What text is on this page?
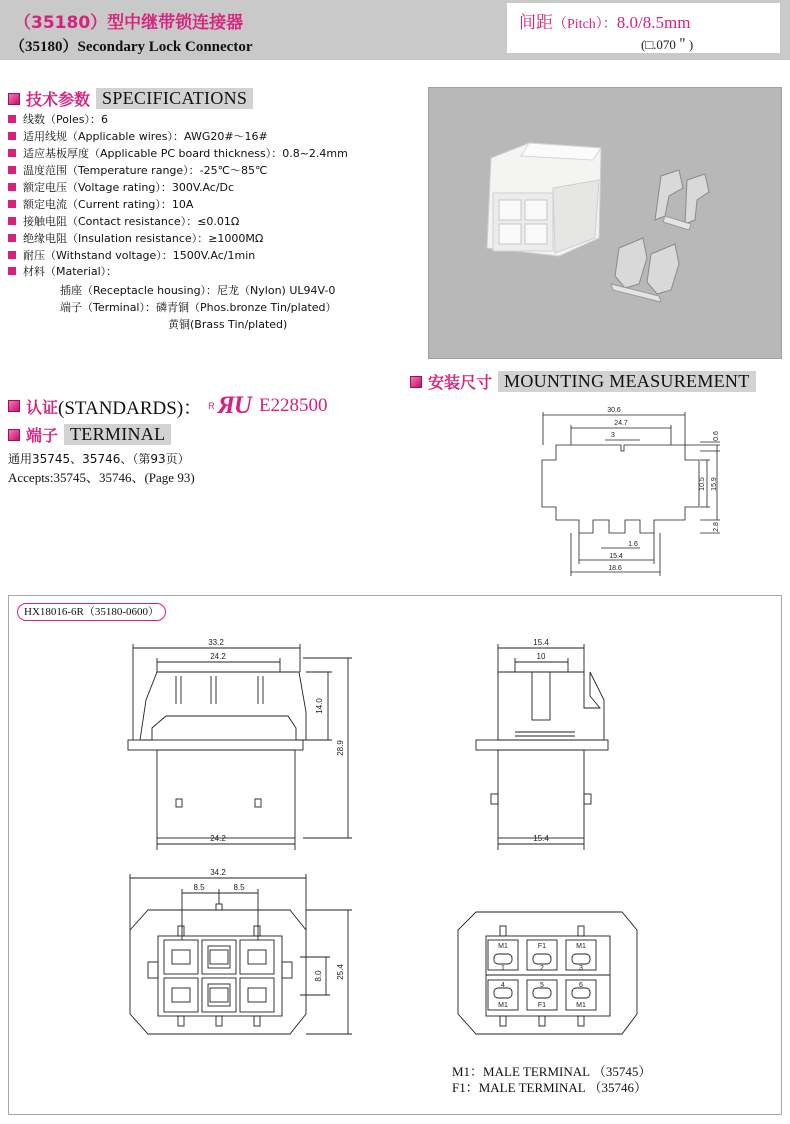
（35180）型中继带锁连接器
（35180）Secondary Lock Connector
间距（Pitch）：8.0/8.5mm
(□.070＂)
技术参数 SPECIFICATIONS
线数（Poles）：6
适用线规（Applicable wires）：AWG20#～16#
适应基板厚度（Applicable PC board thickness）：0.8~2.4mm
温度范围（Temperature range）：-25℃～85℃
额定电压（Voltage rating）：300V.Ac/Dc
额定电流（Current rating）：10A
接触电阻（Contact resistance）：≤0.01Ω
绝缘电阻（Insulation resistance）：≥1000MΩ
耐压（Withstand voltage）：1500V.Ac/1min
材料（Material）：
插座（Receptacle housing）：尼龙（Nylon) UL94V-0
端子（Terminal）：磷青铜（Phos.bronze Tin/plated）
黄铜(Brass Tin/plated)
认证 (STANDARDS)： R ЯU E228500
端子 TERMINAL
通用35745、35746、（第93页）
Accepts:35745、35746、(Page 93)
安装尺寸 MOUNTING MEASUREMENT
30.6
24.7
3	0.6
10.5 15.9
2.8
1.6
15.4
18.6
33.2
24.2
14.0
28.9
24.2
15.4
10
15.4
34.2
8.5	8.5
8.0 25.4
M1	F1	M1
1	2	3
4	5	6
M1	F1	M1
HX18016-6R（35180-0600）
M1：MALE TERMINAL （35745）
F1：MALE TERMINAL （35746）
